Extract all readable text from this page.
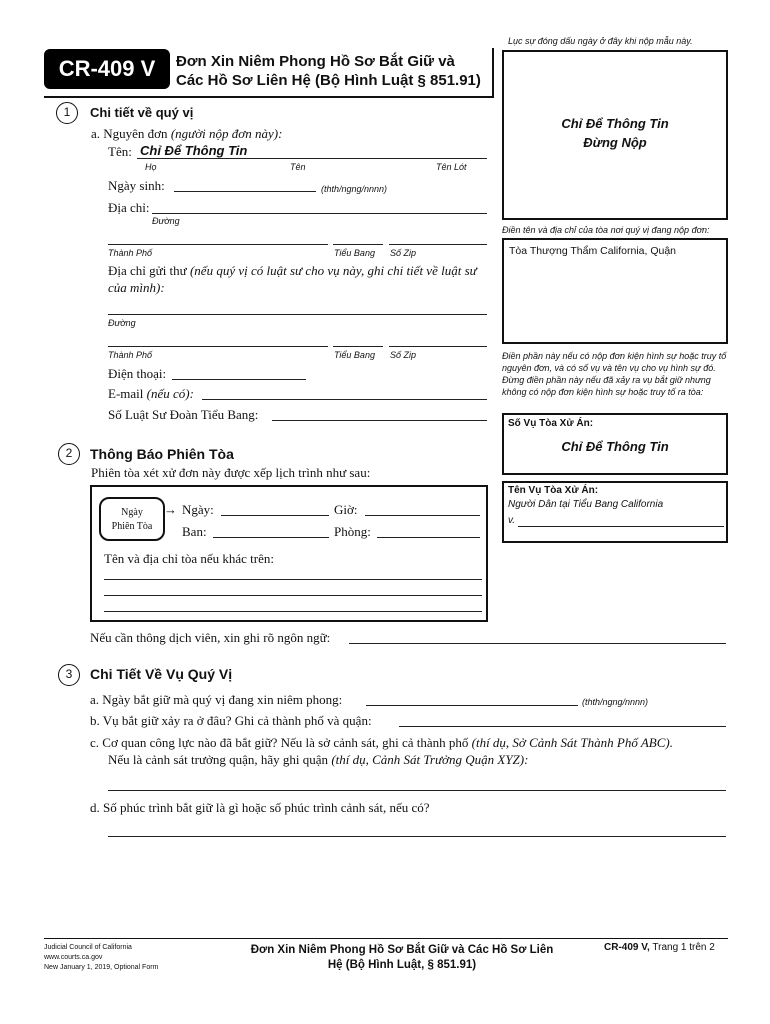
Lục sự đóng dấu ngày ở đây khi nộp mẫu này.
CR-409 V	Đơn Xin Niêm Phong Hồ Sơ Bắt Giữ và
Các Hồ Sơ Liên Hệ (Bộ Hình Luật § 851.91)
Chỉ Để Thông Tin
Đừng Nộp
1	Chi tiết về quý vị
a. Nguyên đơn (người nộp đơn này):
Tên: Chỉ Để Thông Tin
Họ	Tên	Tên Lót
Ngày sinh:	(thth/ngng/nnnn)
Địa chỉ:
Đường
Thành Phố	Tiểu Bang Số Zip
Địa chỉ gửi thư (nếu quý vị có luật sư cho vụ này, ghi chi tiết về luật sư của mình):
Đường
Thành Phố	Tiểu Bang Số Zip
Điện thoại:
E-mail (nếu có):
Số Luật Sư Đoàn Tiểu Bang:
Điền tên và địa chỉ của tòa nơi quý vị đang nộp đơn:
Tòa Thượng Thẩm California, Quận
Điền phần này nếu có nộp đơn kiện hình sự hoặc truy tố nguyên đơn, và có số vụ và tên vụ cho vụ hình sự đó. Đừng điền phần này nếu đã xảy ra vụ bắt giữ nhưng không có nộp đơn kiện hình sự hoặc truy tố ra tòa:
Số Vụ Tòa Xử Án:
Chỉ Để Thông Tin
Tên Vụ Tòa Xử Án:
Người Dân tại Tiểu Bang California
v.
2	Thông Báo Phiên Tòa
Phiên tòa xét xử đơn này được xếp lịch trình như sau:
Ngày
Phiên Tòa
→ Ngày:	Giờ:
Ban:	Phòng:
Tên và địa chỉ tòa nếu khác trên:
Nếu cần thông dịch viên, xin ghi rõ ngôn ngữ:
3	Chi Tiết Về Vụ Quý Vị
a. Ngày bắt giữ mà quý vị đang xin niêm phong:	(thth/ngng/nnnn)
b. Vụ bắt giữ xảy ra ở đâu? Ghi cả thành phố và quận:
c. Cơ quan công lực nào đã bắt giữ? Nếu là sở cảnh sát, ghi cả thành phố (thí dụ, Sở Cảnh Sát Thành Phố ABC).
Nếu là cảnh sát trưởng quận, hãy ghi quận (thí dụ, Cảnh Sát Trưởng Quận XYZ):
d. Số phúc trình bắt giữ là gì hoặc số phúc trình cảnh sát, nếu có?
Judicial Council of California
www.courts.ca.gov
New January 1, 2019, Optional Form
Đơn Xin Niêm Phong Hồ Sơ Bắt Giữ và Các Hồ Sơ Liên
Hệ (Bộ Hình Luật, § 851.91)
CR-409 V, Trang 1 trên 2
